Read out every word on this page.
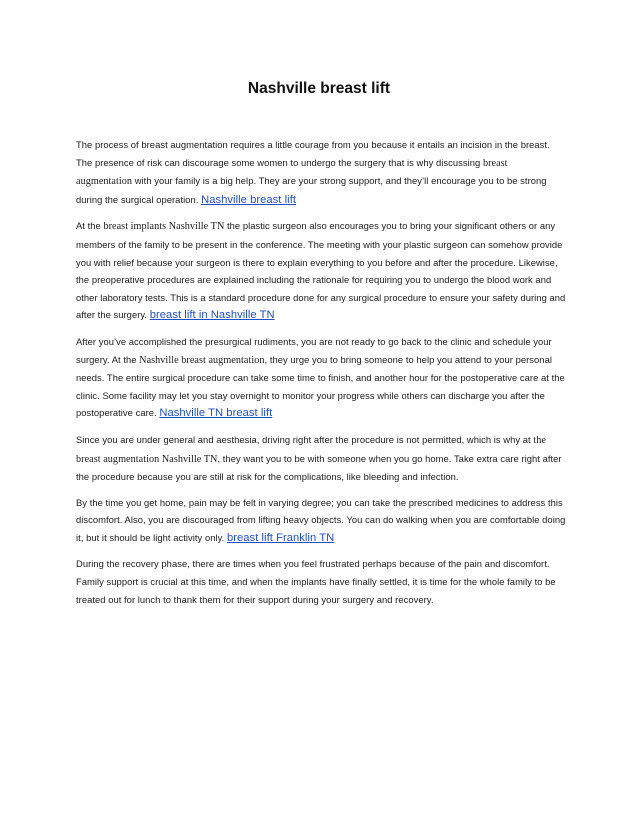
Nashville breast lift

The process of breast augmentation requires a little courage from you because it entails an incision in the breast. The presence of risk can discourage some women to undergo the surgery that is why discussing breast augmentation with your family is a big help. They are your strong support, and they’ll encourage you to be strong during the surgical operation. Nashville breast lift

At the breast implants Nashville TN the plastic surgeon also encourages you to bring your significant others or any members of the family to be present in the conference. The meeting with your plastic surgeon can somehow provide you with relief because your surgeon is there to explain everything to you before and after the procedure. Likewise, the preoperative procedures are explained including the rationale for requiring you to undergo the blood work and other laboratory tests. This is a standard procedure done for any surgical procedure to ensure your safety during and after the surgery. breast lift in Nashville TN

After you’ve accomplished the presurgical rudiments, you are not ready to go back to the clinic and schedule your surgery. At the Nashville breast augmentation, they urge you to bring someone to help you attend to your personal needs. The entire surgical procedure can take some time to finish, and another hour for the postoperative care at the clinic. Some facility may let you stay overnight to monitor your progress while others can discharge you after the postoperative care. Nashville TN breast lift

Since you are under general and aesthesia, driving right after the procedure is not permitted, which is why at the breast augmentation Nashville TN, they want you to be with someone when you go home. Take extra care right after the procedure because you are still at risk for the complications, like bleeding and infection.

By the time you get home, pain may be felt in varying degree; you can take the prescribed medicines to address this discomfort. Also, you are discouraged from lifting heavy objects. You can do walking when you are comfortable doing it, but it should be light activity only. breast lift Franklin TN

During the recovery phase, there are times when you feel frustrated perhaps because of the pain and discomfort. Family support is crucial at this time, and when the implants have finally settled, it is time for the whole family to be treated out for lunch to thank them for their support during your surgery and recovery.
